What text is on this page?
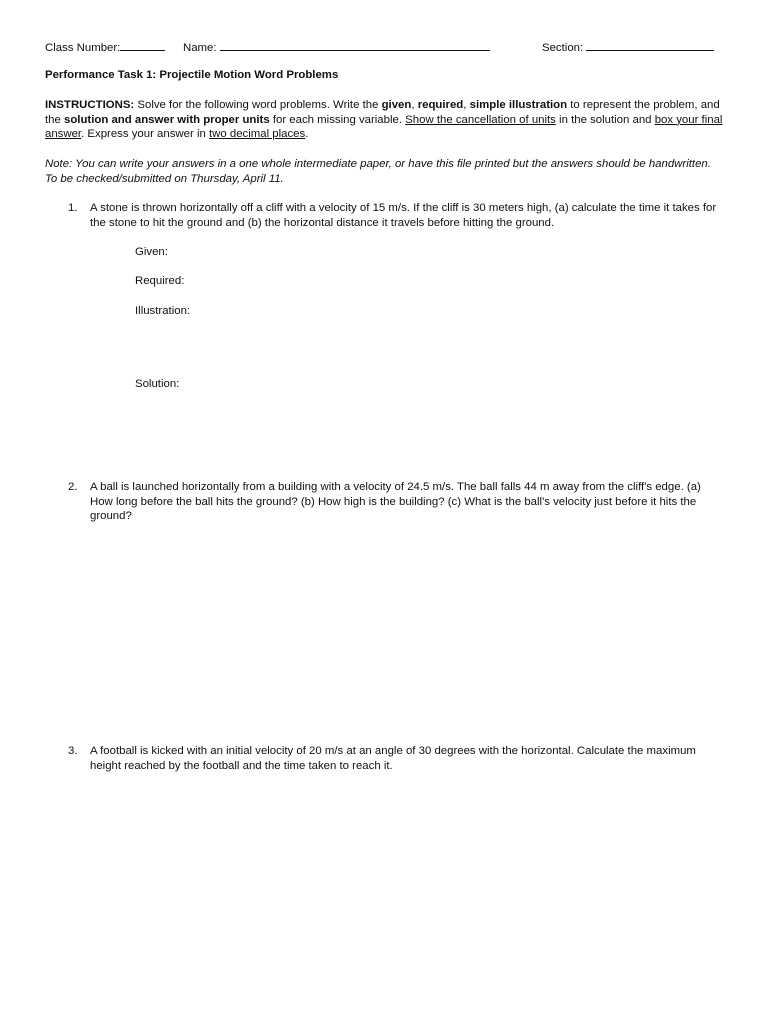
Class Number:	Name:	Section:
Performance Task 1: Projectile Motion Word Problems
INSTRUCTIONS: Solve for the following word problems. Write the given, required, simple illustration to represent the problem, and the solution and answer with proper units for each missing variable. Show the cancellation of units in the solution and box your final answer. Express your answer in two decimal places.
Note: You can write your answers in a one whole intermediate paper, or have this file printed but the answers should be handwritten. To be checked/submitted on Thursday, April 11.
1. A stone is thrown horizontally off a cliff with a velocity of 15 m/s. If the cliff is 30 meters high, (a) calculate the time it takes for the stone to hit the ground and (b) the horizontal distance it travels before hitting the ground.
Given:
Required:
Illustration:
Solution:
2. A ball is launched horizontally from a building with a velocity of 24.5 m/s. The ball falls 44 m away from the cliff's edge. (a) How long before the ball hits the ground? (b) How high is the building? (c) What is the ball's velocity just before it hits the ground?
3. A football is kicked with an initial velocity of 20 m/s at an angle of 30 degrees with the horizontal. Calculate the maximum height reached by the football and the time taken to reach it.
